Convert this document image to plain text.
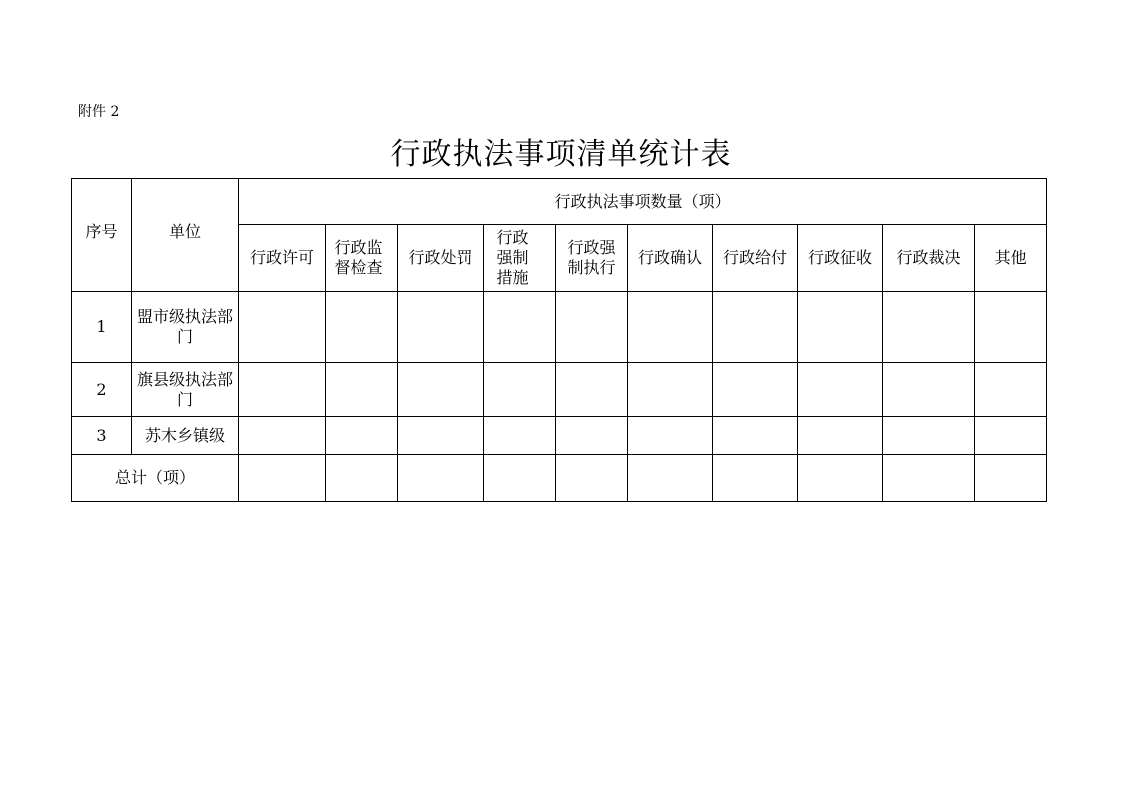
附件 2
行政执法事项清单统计表
序号	单位	行政执法事项数量（项）									
		行政许可	行政监督检查	行政处罚	行政强制措施	行政强制执行	行政确认	行政给付	行政征收	行政裁决	其他
1	盟市级执法部门										
2	旗县级执法部门										
3	苏木乡镇级										
总计（项）											
